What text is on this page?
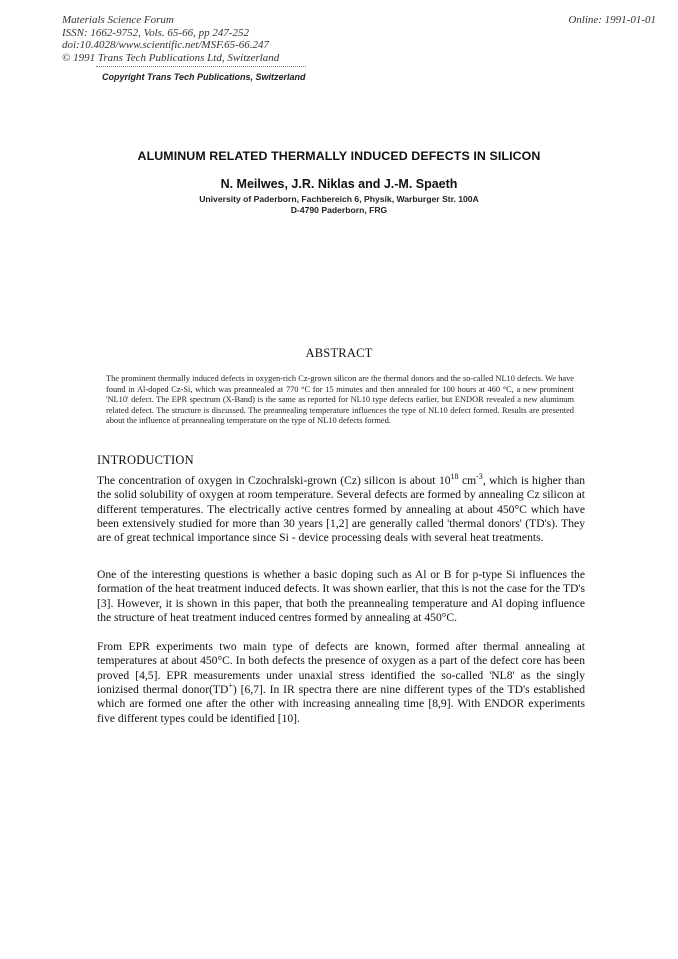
Materials Science Forum
ISSN: 1662-9752, Vols. 65-66, pp 247-252
doi:10.4028/www.scientific.net/MSF.65-66.247
© 1991 Trans Tech Publications Ltd, Switzerland
Online: 1991-01-01
Copyright Trans Tech Publications, Switzerland
ALUMINUM RELATED THERMALLY INDUCED DEFECTS IN SILICON
N. Meilwes, J.R. Niklas and J.-M. Spaeth
University of Paderborn, Fachbereich 6, Physik, Warburger Str. 100A
D-4790 Paderborn, FRG
ABSTRACT
The prominent thermally induced defects in oxygen-rich Cz-grown silicon are the thermal donors and the so-called NL10 defects. We have found in Al-doped Cz-Si, which was preannealed at 770 °C for 15 minutes and then annealed for 100 hours at 460 °C, a new prominent 'NL10' defect. The EPR spectrum (X-Band) is the same as reported for NL10 type defects earlier, but ENDOR revealed a new aluminum related defect. The structure is discussed. The preannealing temperature influences the type of NL10 defect formed. Results are presented about the influence of preannealing temperature on the type of NL10 defects formed.
INTRODUCTION
The concentration of oxygen in Czochralski-grown (Cz) silicon is about $10^{18}$ $cm^{-3}$, which is higher than the solid solubility of oxygen at room temperature. Several defects are formed by annealing Cz silicon at different temperatures. The electrically active centres formed by annealing at about 450°C which have been extensively studied for more than 30 years [1,2] are generally called 'thermal donors' (TD's). They are of great technical importance since Si - device processing deals with several heat treatments.
One of the interesting questions is whether a basic doping such as Al or B for p-type Si influences the formation of the heat treatment induced defects. It was shown earlier, that this is not the case for the TD's [3]. However, it is shown in this paper, that both the preannealing temperature and Al doping influence the structure of heat treatment induced centres formed by annealing at 450°C.
From EPR experiments two main type of defects are known, formed after thermal annealing at temperatures at about 450°C. In both defects the presence of oxygen as a part of the defect core has been proved [4,5]. EPR measurements under unaxial stress identified the so-called 'NL8' as the singly ionizised thermal donor(TD+) [6,7]. In IR spectra there are nine different types of the TD's established which are formed one after the other with increasing annealing time [8,9]. With ENDOR experiments five different types could be identified [10].
